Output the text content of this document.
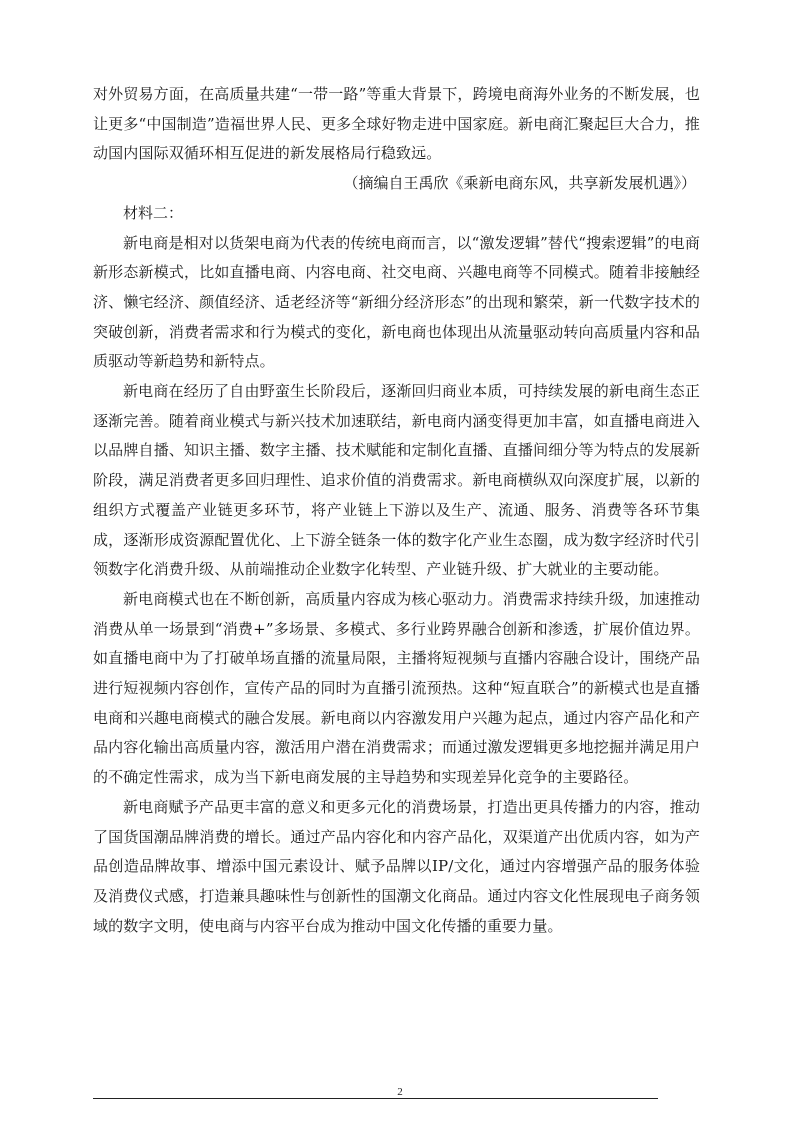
对外贸易方面，在高质量共建“一带一路”等重大背景下，跨境电商海外业务的不断发展，也让更多“中国制造”造福世界人民、更多全球好物走进中国家庭。新电商汇聚起巨大合力，推动国内国际双循环相互促进的新发展格局行稳致远。

（摘编自王禹欣《乘新电商东风，共享新发展机遇》）

材料二：

新电商是相对以货架电商为代表的传统电商而言，以“激发逻辑”替代“搜索逻辑”的电商新形态新模式，比如直播电商、内容电商、社交电商、兴趣电商等不同模式。随着非接触经济、懒宅经济、颜值经济、适老经济等“新细分经济形态”的出现和繁荣，新一代数字技术的突破创新，消费者需求和行为模式的变化，新电商也体现出从流量驱动转向高质量内容和品质驱动等新趋势和新特点。

新电商在经历了自由野蛮生长阶段后，逐渐回归商业本质，可持续发展的新电商生态正逐渐完善。随着商业模式与新兴技术加速联结，新电商内涵变得更加丰富，如直播电商进入以品牌自播、知识主播、数字主播、技术赋能和定制化直播、直播间细分等为特点的发展新阶段，满足消费者更多回归理性、追求价值的消费需求。新电商横纵双向深度扩展，以新的组织方式覆盖产业链更多环节，将产业链上下游以及生产、流通、服务、消费等各环节集成，逐渐形成资源配置优化、上下游全链条一体的数字化产业生态圈，成为数字经济时代引领数字化消费升级、从前端推动企业数字化转型、产业链升级、扩大就业的主要动能。

新电商模式也在不断创新，高质量内容成为核心驱动力。消费需求持续升级，加速推动消费从单一场景到“消费+”多场景、多模式、多行业跨界融合创新和渗透，扩展价值边界。如直播电商中为了打破单场直播的流量局限，主播将短视频与直播内容融合设计，围绕产品进行短视频内容创作，宣传产品的同时为直播引流预热。这种“短直联合”的新模式也是直播电商和兴趣电商模式的融合发展。新电商以内容激发用户兴趣为起点，通过内容产品化和产品内容化输出高质量内容，激活用户潜在消费需求；而通过激发逻辑更多地挖掘并满足用户的不确定性需求，成为当下新电商发展的主导趋势和实现差异化竞争的主要路径。

新电商赋予产品更丰富的意义和更多元化的消费场景，打造出更具传播力的内容，推动了国货国潮品牌消费的增长。通过产品内容化和内容产品化，双渠道产出优质内容，如为产品创造品牌故事、增添中国元素设计、赋予品牌以IP/文化，通过内容增强产品的服务体验及消费仪式感，打造兼具趣味性与创新性的国潮文化商品。通过内容文化性展现电子商务领域的数字文明，使电商与内容平台成为推动中国文化传播的重要力量。

2
